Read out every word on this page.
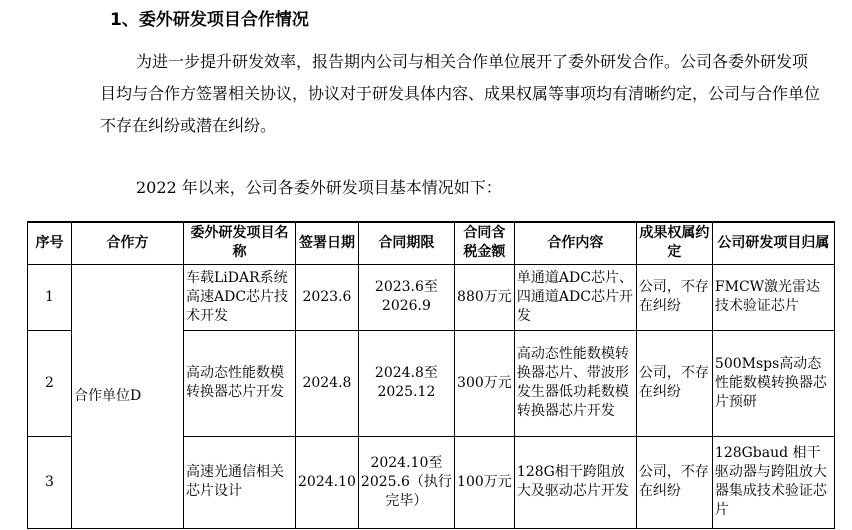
1、委外研发项目合作情况
为进一步提升研发效率，报告期内公司与相关合作单位展开了委外研发合作。公司各委外研发项目均与合作方签署相关协议，协议对于研发具体内容、成果权属等事项均有清晰约定，公司与合作单位不存在纠纷或潜在纠纷。
2022 年以来，公司各委外研发项目基本情况如下：
序号	合作方	委外研发项目名称	签署日期	合同期限	合同含税金额	合作内容	成果权属约定	公司研发项目归属
1	合作单位D	车载LiDAR系统高速ADC芯片技术开发	2023.6	2023.6至2026.9	880万元	单通道ADC芯片、四通道ADC芯片开发	公司，不存在纠纷	FMCW激光雷达技术验证芯片
2		高动态性能数模转换器芯片开发	2024.8	2024.8至2025.12	300万元	高动态性能数模转换器芯片、带波形发生器低功耗数模转换器芯片开发	公司，不存在纠纷	500Msps高动态性能数模转换器芯片预研
3		高速光通信相关芯片设计	2024.10	2024.10至2025.6（执行完毕）	100万元	128G相干跨阻放大及驱动芯片开发	公司，不存在纠纷	128Gbaud 相干驱动器与跨阻放大器集成技术验证芯片
